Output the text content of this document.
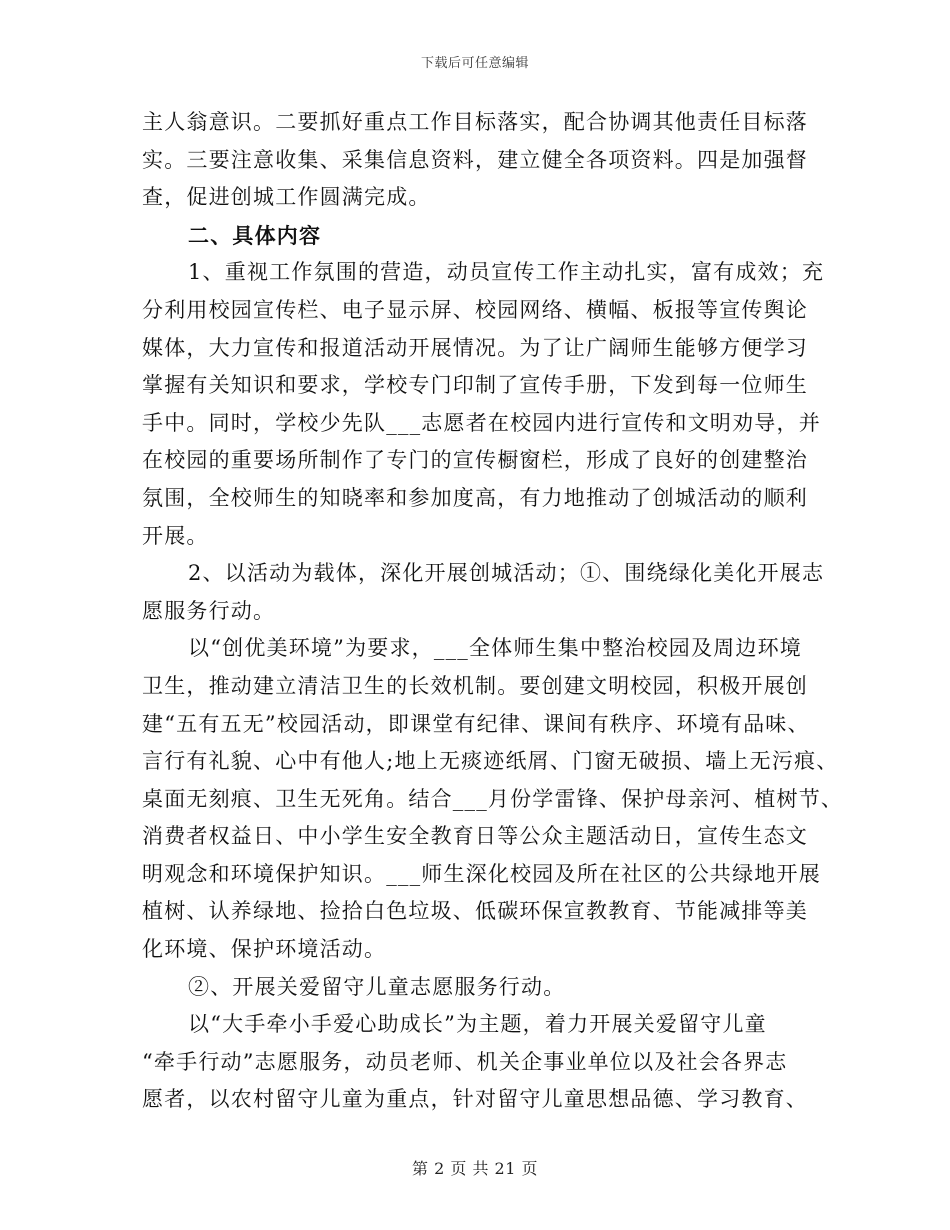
下载后可任意编辑
主人翁意识。二要抓好重点工作目标落实，配合协调其他责任目标落
实。三要注意收集、采集信息资料，建立健全各项资料。四是加强督
查，促进创城工作圆满完成。
二、具体内容
1、重视工作氛围的营造，动员宣传工作主动扎实，富有成效；充
分利用校园宣传栏、电子显示屏、校园网络、横幅、板报等宣传舆论
媒体，大力宣传和报道活动开展情况。为了让广阔师生能够方便学习
掌握有关知识和要求，学校专门印制了宣传手册，下发到每一位师生
手中。同时，学校少先队___志愿者在校园内进行宣传和文明劝导，并
在校园的重要场所制作了专门的宣传橱窗栏，形成了良好的创建整治
氛围，全校师生的知晓率和参加度高，有力地推动了创城活动的顺利
开展。
2、以活动为载体，深化开展创城活动；①、围绕绿化美化开展志
愿服务行动。
以“创优美环境”为要求，___全体师生集中整治校园及周边环境
卫生，推动建立清洁卫生的长效机制。要创建文明校园，积极开展创
建“五有五无”校园活动，即课堂有纪律、课间有秩序、环境有品味、
言行有礼貌、心中有他人;地上无痰迹纸屑、门窗无破损、墙上无污痕、
桌面无刻痕、卫生无死角。结合___月份学雷锋、保护母亲河、植树节、
消费者权益日、中小学生安全教育日等公众主题活动日，宣传生态文
明观念和环境保护知识。___师生深化校园及所在社区的公共绿地开展
植树、认养绿地、捡拾白色垃圾、低碳环保宣教教育、节能减排等美
化环境、保护环境活动。
②、开展关爱留守儿童志愿服务行动。
以“大手牵小手爱心助成长”为主题，着力开展关爱留守儿童
“牵手行动”志愿服务，动员老师、机关企事业单位以及社会各界志
愿者，以农村留守儿童为重点，针对留守儿童思想品德、学习教育、
第 2 页 共 21 页
